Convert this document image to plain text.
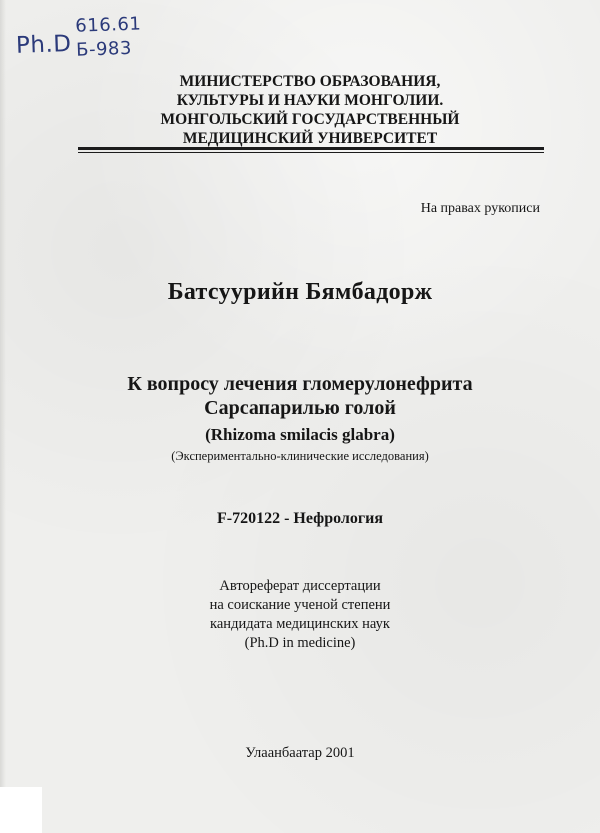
Ph.D
616.61
Б-983
МИНИСТЕРСТВО ОБРАЗОВАНИЯ,
КУЛЬТУРЫ И НАУКИ МОНГОЛИИ.
МОНГОЛЬСКИЙ ГОСУДАРСТВЕННЫЙ
МЕДИЦИНСКИЙ УНИВЕРСИТЕТ
На правах рукописи
Батсуурийн Бямбадорж
К вопросу лечения гломерулонефрита
Сарсапарилью голой
(Rhizoma smilacis glabra)
(Экспериментально-клинические исследования)
F-720122 - Нефрология
Автореферат диссертации
на соискание ученой степени
кандидата медицинских наук
(Ph.D in medicine)
Улаанбаатар 2001
